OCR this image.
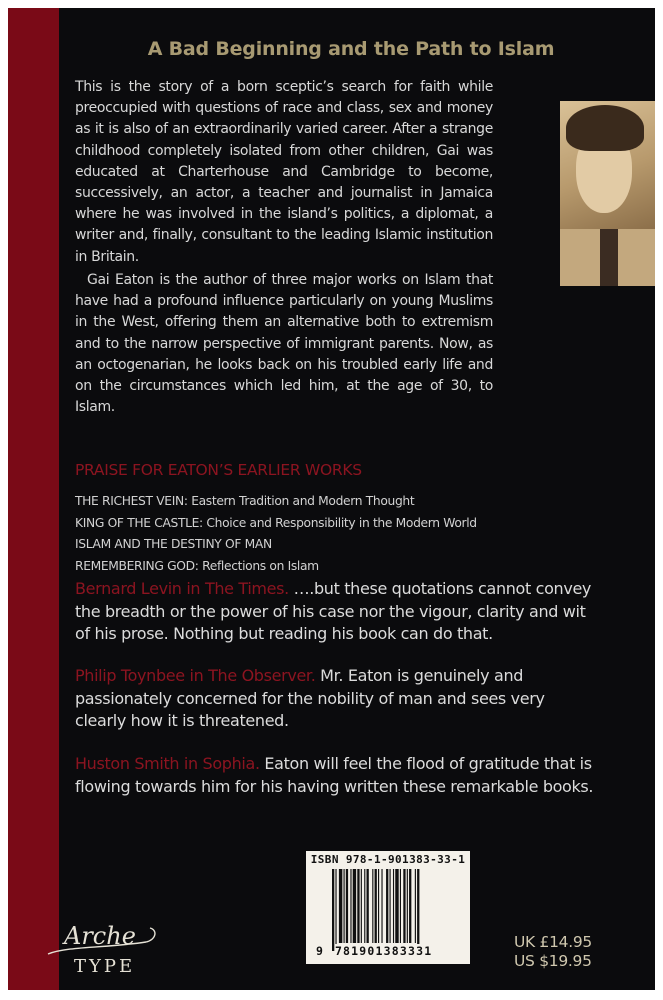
A Bad Beginning and the Path to Islam
This is the story of a born sceptic’s search for faith while preoccupied with questions of race and class, sex and money as it is also of an extraordinarily varied career. After a strange childhood completely isolated from other children, Gai was educated at Charterhouse and Cambridge to become, successively, an actor, a teacher and journalist in Jamaica where he was involved in the island’s politics, a diplomat, a writer and, finally, consultant to the leading Islamic institution in Britain.
Gai Eaton is the author of three major works on Islam that have had a profound influence particularly on young Muslims in the West, offering them an alternative both to extremism and to the narrow perspective of immigrant parents. Now, as an octogenarian, he looks back on his troubled early life and on the circumstances which led him, at the age of 30, to Islam.
PRAISE FOR EATON’S EARLIER WORKS
THE RICHEST VEIN: Eastern Tradition and Modern Thought
KING OF THE CASTLE: Choice and Responsibility in the Modern World
ISLAM AND THE DESTINY OF MAN
REMEMBERING GOD: Reflections on Islam
Bernard Levin in The Times. ….but these quotations cannot convey the breadth or the power of his case nor the vigour, clarity and wit of his prose. Nothing but reading his book can do that.
Philip Toynbee in The Observer. Mr. Eaton is genuinely and passionately concerned for the nobility of man and sees very clearly how it is threatened.
Huston Smith in Sophia. Eaton will feel the flood of gratitude that is flowing towards him for his having written these remarkable books.
Arche
TYPE
ISBN 978-1-901383-33-1
9 781901383331	UK £14.95
US $19.95
